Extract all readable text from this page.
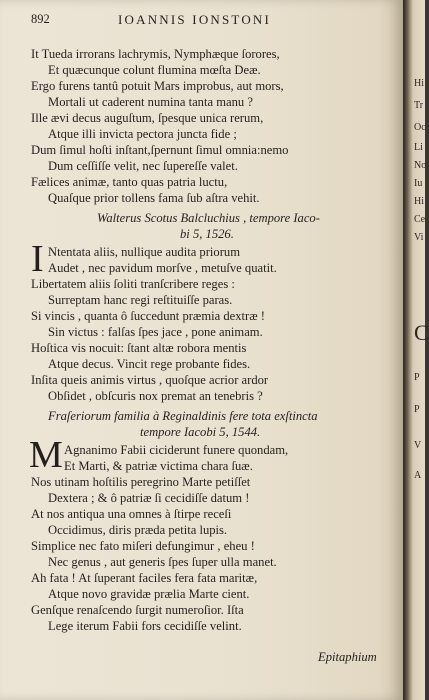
892	IOANNIS IONSTONI
It Tueda irrorans lachrymis, Nymphæque ſorores,
Et quæcunque colunt flumina mœſta Deæ.
Ergo furens tantû potuit Mars improbus, aut mors,
Mortali ut caderent numina tanta manu ?
Ille ævi decus auguſtum, ſpesque unica rerum,
Atque illi invicta pectora juncta fide ;
Dum ſimul hoſti inſtant,ſpernunt ſimul omnia:nemo
Dum ceſſiſſe velit, nec ſupereſſe valet.
Fælices animæ, tanto quas patria luctu,
Quaſque prior tollens fama ſub aſtra vehit.
Walterus Scotus Balcluchius , tempore Iaco-
bi 5, 1526.
I Ntentata aliis, nullique audita priorum
Audet , nec pavidum morſve , metuſve quatit.
Libertatem aliis ſoliti tranſcribere reges :
Surreptam hanc regi reſtituiſſe paras.
Si vincis , quanta ô ſuccedunt præmia dextræ !
Sin victus : falſas ſpes jace , pone animam.
Hoſtica vis nocuit: ſtant altæ robora mentis
Atque decus. Vincit rege probante fides.
Inſita queis animis virtus , quoſque acrior ardor
Obſidet , obſcuris nox premat an tenebris ?
Fraſeriorum familia à Reginaldinis fere tota exſtincta
tempore Iacobi 5, 1544.
M Agnanimo Fabii ciciderunt funere quondam,
Et Marti, & patriæ victima chara ſuæ.
Nos utinam hoſtilis peregrino Marte petiſſet
Dextera ; & ô patriæ ſi cecidiſſe datum !
At nos antiqua una omnes à ſtirpe receſi
Occidimus, diris præda petita lupis.
Simplice nec fato miſeri defungimur , eheu !
Nec genus , aut generis ſpes ſuper ulla manet.
Ah fata ! At ſuperant faciles fera fata maritæ,
Atque novo gravidæ prælia Marte cient.
Genſque renaſcendo ſurgit numeroſior. Iſta
Lege iterum Fabii fors cecidiſſe velint.
Epitaphium
Hi
Tr
Oc
Li
No
Iu
Hi
Ce
Vi
P
P
V
A
C
